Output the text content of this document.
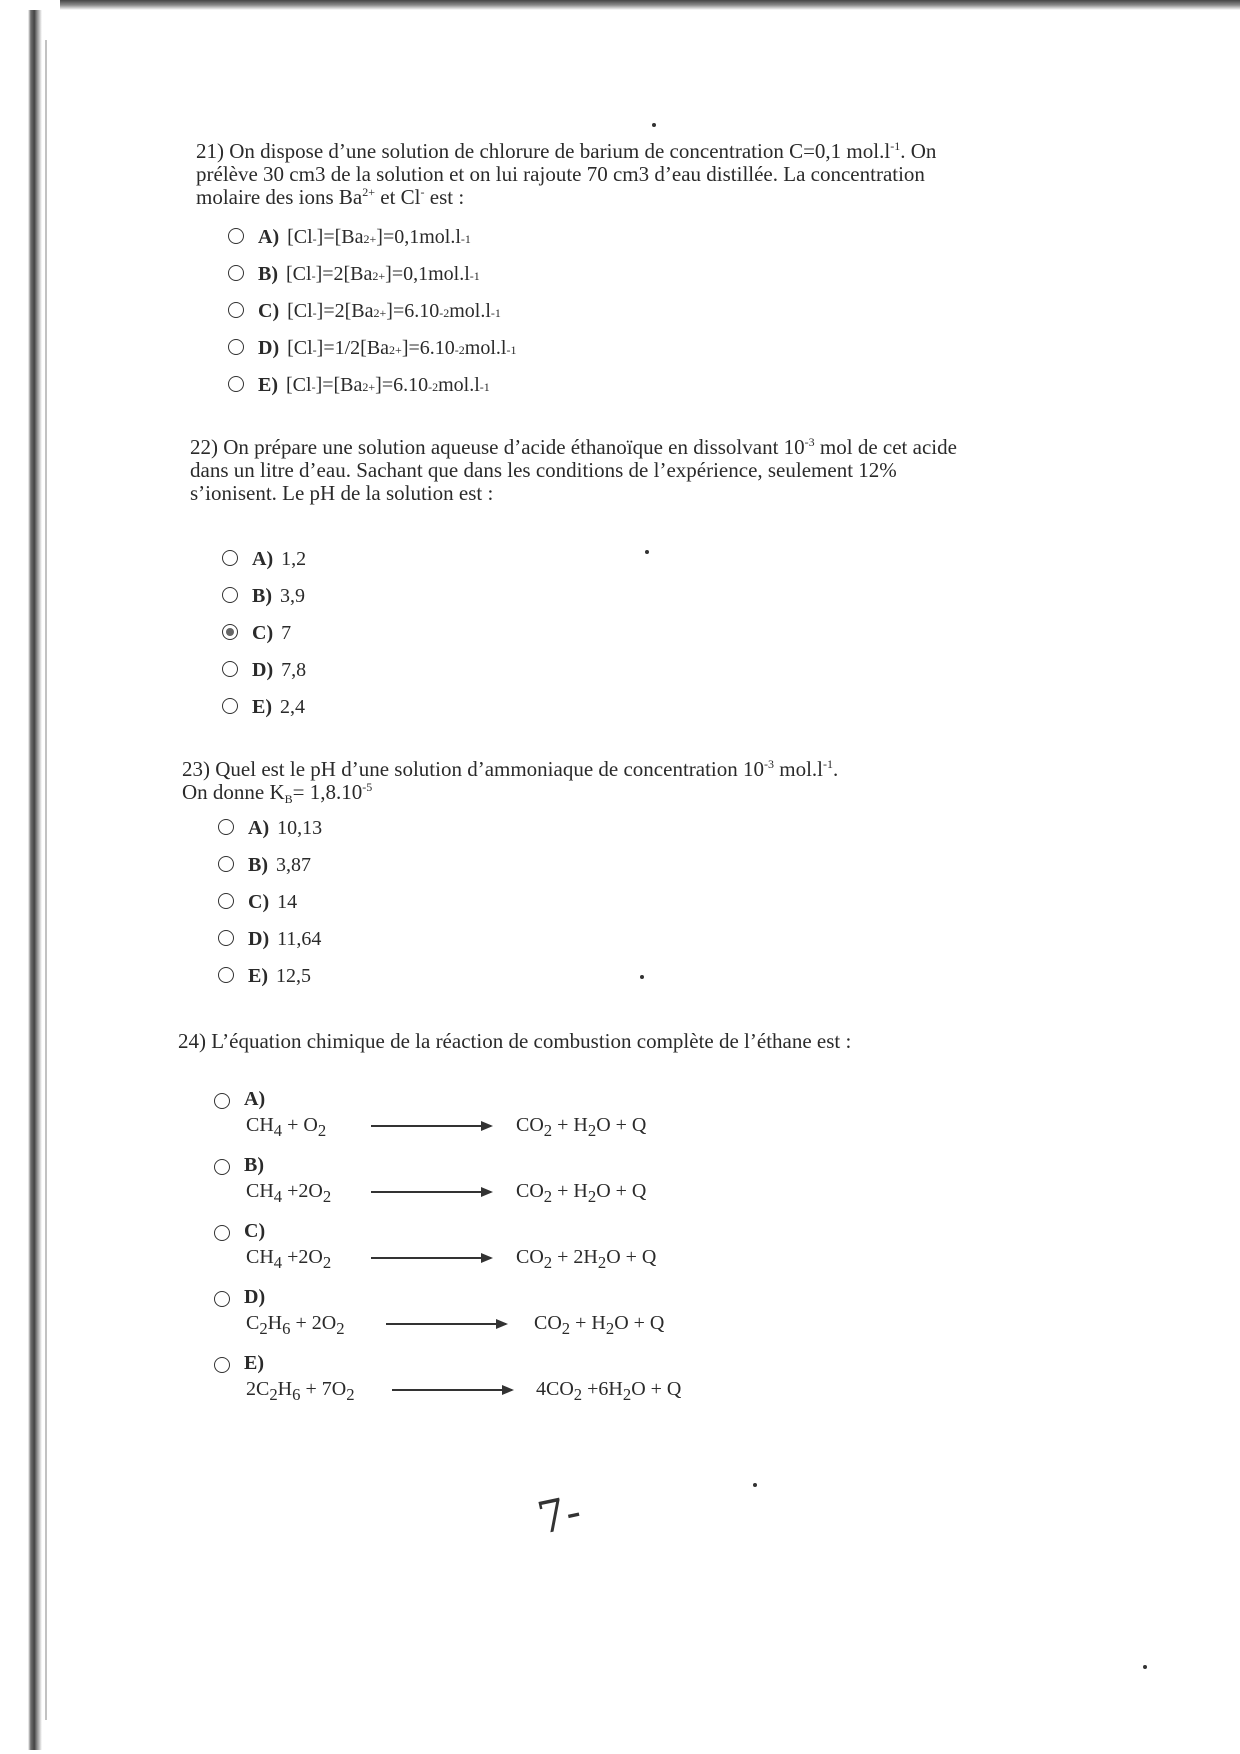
21) On dispose d’une solution de chlorure de barium de concentration C=0,1 $mol.l^{-1}$. On
prélève 30 cm3 de la solution et on lui rajoute 70 cm3 d’eau distillée. La concentration
molaire des ions $Ba^{2+}$ et Cl- est :

A) [Cl - ]=[Ba 2+ ]=0,1mol.l -1
B) [Cl - ]=2[Ba 2+ ]=0,1mol.l -1
C) [Cl - ]=2[Ba 2+ ]=6.10 -2 mol.l -1
D) [Cl - ]=1/2[Ba 2+ ]=6.10 -2 mol.l -1
E) [Cl - ]=[Ba 2+ ]=6.10 -2 mol.l -1

22) On prépare une solution aqueuse d’acide éthanoïque en dissolvant $10^{-3}$ mol de cet acide
dans un litre d’eau. Sachant que dans les conditions de l’expérience, seulement 12%
s’ionisent. Le pH de la solution est :

A) 1,2
B) 3,9
C) 7
D) 7,8
E) 2,4

23) Quel est le pH d’une solution d’ammoniaque de concentration $10^{-3}$ $mol.l^{-1}$.
On donne $K_B= 1,8.10^{-5}$

A) 10,13
B) 3,87
C) 14
D) 11,64
E) 12,5

24) L’équation chimique de la réaction de combustion complète de l’éthane est :

A)
$CH_4 + O_2$	$CO_2 + H_2O + Q$
B)
$CH_4 +2O_2$	$CO_2 + H_2O + Q$
C)
$CH_4 +2O_2$	$CO_2 + 2H_2O + Q$
D)
$C_2H_6 + 2O_2$	$CO_2 + H_2O + Q$
E)
$2C_2H_6 + 7O_2$	$4CO_2 +6H_2O + Q$
7-
